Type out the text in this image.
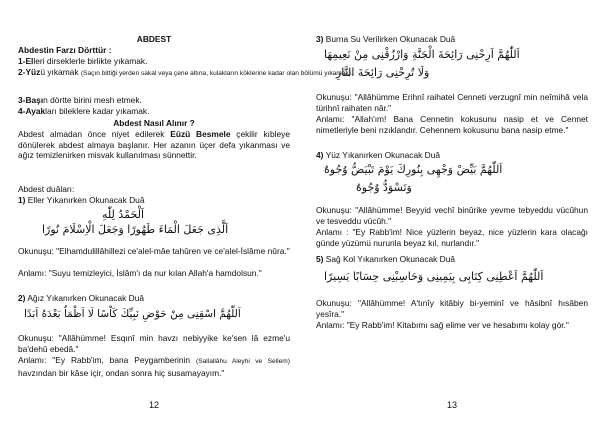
ABDEST

Abdestin Farzı Dörttür :

1-Elleri dirseklerle birlikte yıkamak.

2-Yüzü yıkamak (Saçın bittiği yerden sakal veya çene altına, kulakların köklerine kadar olan bölümü yıkamak).

3-Başın dörtte birini mesh etmek.

4-Ayakları bileklere kadar yıkamak.

Abdest Nasıl Alınır ?

Abdest almadan önce niyet edilerek Eûzü Besmele çekilir kıbleye dönülerek abdest almaya başlanır. Her azanın üçer defa yıkanması ve ağız temizlenirken misvak kullanılması sünnettir.

Abdest duâları:

1) Eller Yıkanırken Okunacak Duâ

اَلْحَمْدُ لِلّٰهِ
اَلَّذِى جَعَلَ الْمَاءَ طَهُورًا وَجَعَلَ الْاِسْلَامَ نُورًا

Okunuşu: "Elhamdulillâhillezi ce'alel-mâe tahûren ve ce'alel-İslâme nûra."

Anlamı: "Suyu temizleyici, İslâm'ı da nur kılan Allah'a hamdolsun."

2) Ağız Yıkanırken Okunacak Duâ

اَللّٰهُمَّ اسْقِنِى مِنْ حَوْضِ نَبِيِّكَ كَاْسًا لَا اَظْمَاُ بَعْدَهُ اَبَدًا

Okunuşu: "Allâhümme! Esqınî min havzı nebiyyike ke'sen lâ ezme'u ba'dehû ebedâ."

Anlamı: "Ey Rabb'im, bana Peygamberinin (Sallallâhu Aleyhi ve Sellem) havzından bir kâse içir, ondan sonra hiç susamayayım."

12

3) Burna Su Verilirken Okunacak Duâ

اَللّٰهُمَّ اَرِحْنِى رَائِحَةَ الْجَنَّةِ وَارْزُقْنِى مِنْ نَعِيمِهَا
وَلَا تُرِحْنِى رَائِحَةَ النَّارِ

Okunuşu: "Allâhümme Erihnî raihatel Cenneti verzugnî min neîmihâ vela türihnî raihaten nâr."

Anlamı: "Allah'ım! Bana Cennetin kokusunu nasip et ve Cennet nimetleriyle beni rızıklandır. Cehennem kokusunu bana nasip etme."

4) Yüz Yıkanırken Okunacak Duâ

اَللّٰهُمَّ بَيِّضْ وَجْهِى بِنُورِكَ يَوْمَ تَبْيَضُّ وُجُوهٌ
وَتَسْوَدُّ وُجُوهٌ

Okunuşu: "Allâhümme! Beyyid vechî binûrike yevme tebyeddu vücûhun ve tesveddu vücûh."

Anlamı : "Ey Rabb'im! Nice yüzlerin beyaz, nice yüzlerin kara olacağı günde yüzümü nurunla beyaz kıl, nurlandır."

5) Sağ Kol Yıkanırken Okunacak Duâ

اَللّٰهُمَّ اَعْطِنِى كِتَابِى بِيَمِينِى وَحَاسِبْنِى حِسَابًا يَسِيرًا

Okunuşu: "Allâhümme! A'tınîy kitâbiy bi-yeminî ve hâsibnî hısâben yesîra."

Anlamı: "Ey Rabb'im! Kitabımı sağ elime ver ve hesabımı kolay gör."

13
